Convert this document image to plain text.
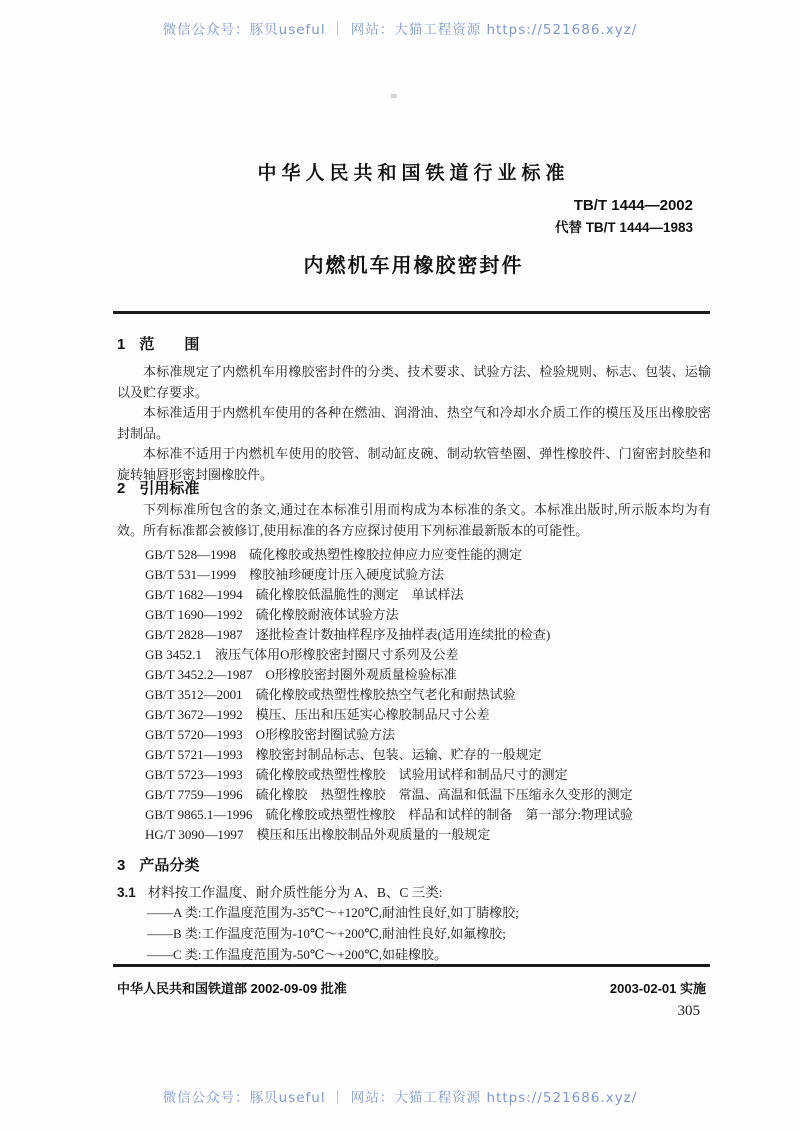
微信公众号：豚贝useful ｜ 网站：大猫工程资源 https://521686.xyz/
中华人民共和国铁道行业标准
TB/T 1444—2002
代替 TB/T 1444—1983
内燃机车用橡胶密封件
1 范　　围

本标准规定了内燃机车用橡胶密封件的分类、技术要求、试验方法、检验规则、标志、包装、运输以及贮存要求。

本标准适用于内燃机车使用的各种在燃油、润滑油、热空气和冷却水介质工作的模压及压出橡胶密封制品。

本标准不适用于内燃机车使用的胶管、制动缸皮碗、制动软管垫圈、弹性橡胶件、门窗密封胶垫和旋转轴唇形密封圈橡胶件。

2 引用标准

下列标准所包含的条文,通过在本标准引用而构成为本标准的条文。本标准出版时,所示版本均为有效。所有标准都会被修订,使用标准的各方应探讨使用下列标准最新版本的可能性。

GB/T 528—1998 硫化橡胶或热塑性橡胶拉伸应力应变性能的测定
GB/T 531—1999 橡胶袖珍硬度计压入硬度试验方法
GB/T 1682—1994 硫化橡胶低温脆性的测定　单试样法
GB/T 1690—1992 硫化橡胶耐液体试验方法
GB/T 2828—1987 逐批检查计数抽样程序及抽样表(适用连续批的检查)
GB 3452.1 液压气体用O形橡胶密封圈尺寸系列及公差
GB/T 3452.2—1987 O形橡胶密封圈外观质量检验标准
GB/T 3512—2001 硫化橡胶或热塑性橡胶热空气老化和耐热试验
GB/T 3672—1992 模压、压出和压延实心橡胶制品尺寸公差
GB/T 5720—1993 O形橡胶密封圈试验方法
GB/T 5721—1993 橡胶密封制品标志、包装、运输、贮存的一般规定
GB/T 5723—1993 硫化橡胶或热塑性橡胶　试验用试样和制品尺寸的测定
GB/T 7759—1996 硫化橡胶　热塑性橡胶　常温、高温和低温下压缩永久变形的测定
GB/T 9865.1—1996 硫化橡胶或热塑性橡胶　样品和试样的制备　第一部分:物理试验
HG/T 3090—1997 模压和压出橡胶制品外观质量的一般规定
3 产品分类
3.1 材料按工作温度、耐介质性能分为 A、B、C 三类:
——A 类:工作温度范围为-35℃～+120℃,耐油性良好,如丁腈橡胶;
——B 类:工作温度范围为-10℃～+200℃,耐油性良好,如氟橡胶;
——C 类:工作温度范围为-50℃～+200℃,如硅橡胶。
中华人民共和国铁道部 2002-09-09 批准	2003-02-01 实施
305
微信公众号：豚贝useful ｜ 网站：大猫工程资源 https://521686.xyz/
